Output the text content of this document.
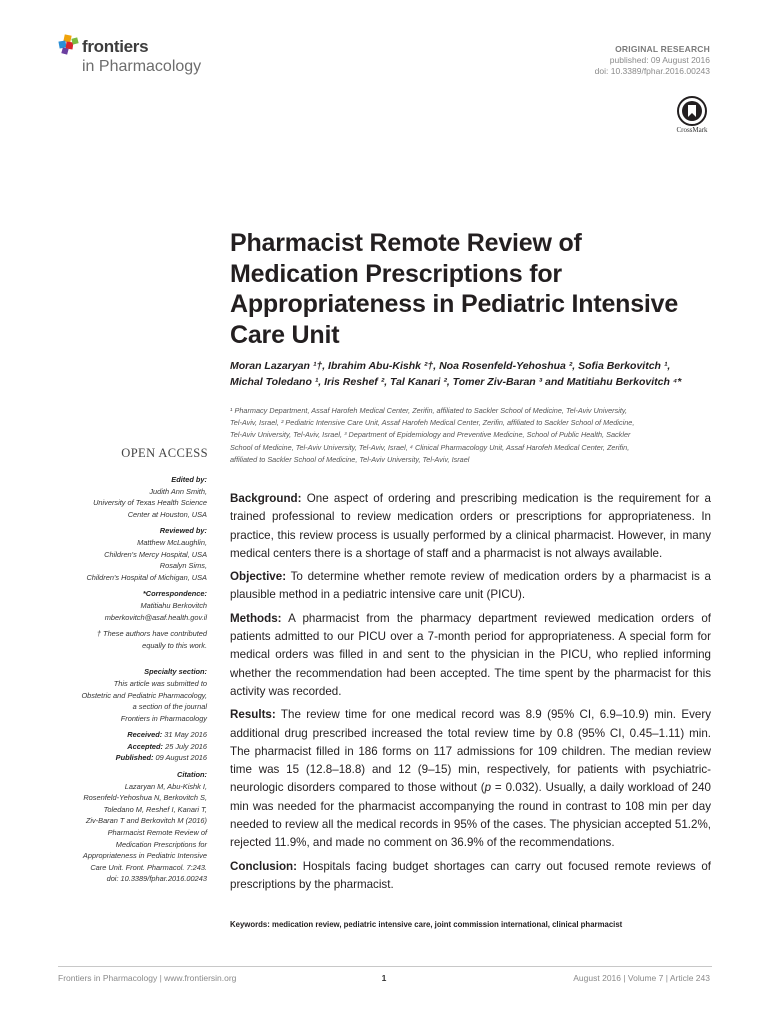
frontiers
in Pharmacology
ORIGINAL RESEARCH
published: 09 August 2016
doi: 10.3389/fphar.2016.00243
CrossMark
Pharmacist Remote Review of Medication Prescriptions for Appropriateness in Pediatric Intensive Care Unit
Moran Lazaryan ¹†, Ibrahim Abu-Kishk ²†, Noa Rosenfeld-Yehoshua ², Sofia Berkovitch ¹,
Michal Toledano ¹, Iris Reshef ², Tal Kanari ², Tomer Ziv-Baran ³ and Matitiahu Berkovitch ⁴*
¹ Pharmacy Department, Assaf Harofeh Medical Center, Zerifin, affiliated to Sackler School of Medicine, Tel-Aviv University,
Tel-Aviv, Israel, ² Pediatric Intensive Care Unit, Assaf Harofeh Medical Center, Zerifin, affiliated to Sackler School of Medicine,
Tel-Aviv University, Tel-Aviv, Israel, ³ Department of Epidemiology and Preventive Medicine, School of Public Health, Sackler
School of Medicine, Tel-Aviv University, Tel-Aviv, Israel, ⁴ Clinical Pharmacology Unit, Assaf Harofeh Medical Center, Zerifin,
affiliated to Sackler School of Medicine, Tel-Aviv University, Tel-Aviv, Israel
OPEN ACCESS
Edited by:
Judith Ann Smith,
University of Texas Health Science
Center at Houston, USA
Reviewed by:
Matthew McLaughlin,
Children's Mercy Hospital, USA
Rosalyn Sims,
Children's Hospital of Michigan, USA
*Correspondence:
Matitiahu Berkovitch
mberkovitch@asaf.health.gov.il
† These authors have contributed
equally to this work.
Specialty section:
This article was submitted to
Obstetric and Pediatric Pharmacology,
a section of the journal
Frontiers in Pharmacology
Received: 31 May 2016
Accepted: 25 July 2016
Published: 09 August 2016
Citation:
Lazaryan M, Abu-Kishk I,
Rosenfeld-Yehoshua N, Berkovitch S,
Toledano M, Reshef I, Kanari T,
Ziv-Baran T and Berkovitch M (2016)
Pharmacist Remote Review of
Medication Prescriptions for
Appropriateness in Pediatric Intensive
Care Unit. Front. Pharmacol. 7:243.
doi: 10.3389/fphar.2016.00243

Background: One aspect of ordering and prescribing medication is the requirement for a trained professional to review medication orders or prescriptions for appropriateness. In practice, this review process is usually performed by a clinical pharmacist. However, in many medical centers there is a shortage of staff and a pharmacist is not always available.

Objective: To determine whether remote review of medication orders by a pharmacist is a plausible method in a pediatric intensive care unit (PICU).

Methods: A pharmacist from the pharmacy department reviewed medication orders of patients admitted to our PICU over a 7-month period for appropriateness. A special form for medical orders was filled in and sent to the physician in the PICU, who replied informing whether the recommendation had been accepted. The time spent by the pharmacist for this activity was recorded.

Results: The review time for one medical record was 8.9 (95% CI, 6.9–10.9) min. Every additional drug prescribed increased the total review time by 0.8 (95% CI, 0.45–1.11) min. The pharmacist filled in 186 forms on 117 admissions for 109 children. The median review time was 15 (12.8–18.8) and 12 (9–15) min, respectively, for patients with psychiatric-neurologic disorders compared to those without (p = 0.032). Usually, a daily workload of 240 min was needed for the pharmacist accompanying the round in contrast to 108 min per day needed to review all the medical records in 95% of the cases. The physician accepted 51.2%, rejected 11.9%, and made no comment on 36.9% of the recommendations.

Conclusion: Hospitals facing budget shortages can carry out focused remote reviews of prescriptions by the pharmacist.

Keywords: medication review, pediatric intensive care, joint commission international, clinical pharmacist
Frontiers in Pharmacology | www.frontiersin.org	1	August 2016 | Volume 7 | Article 243
